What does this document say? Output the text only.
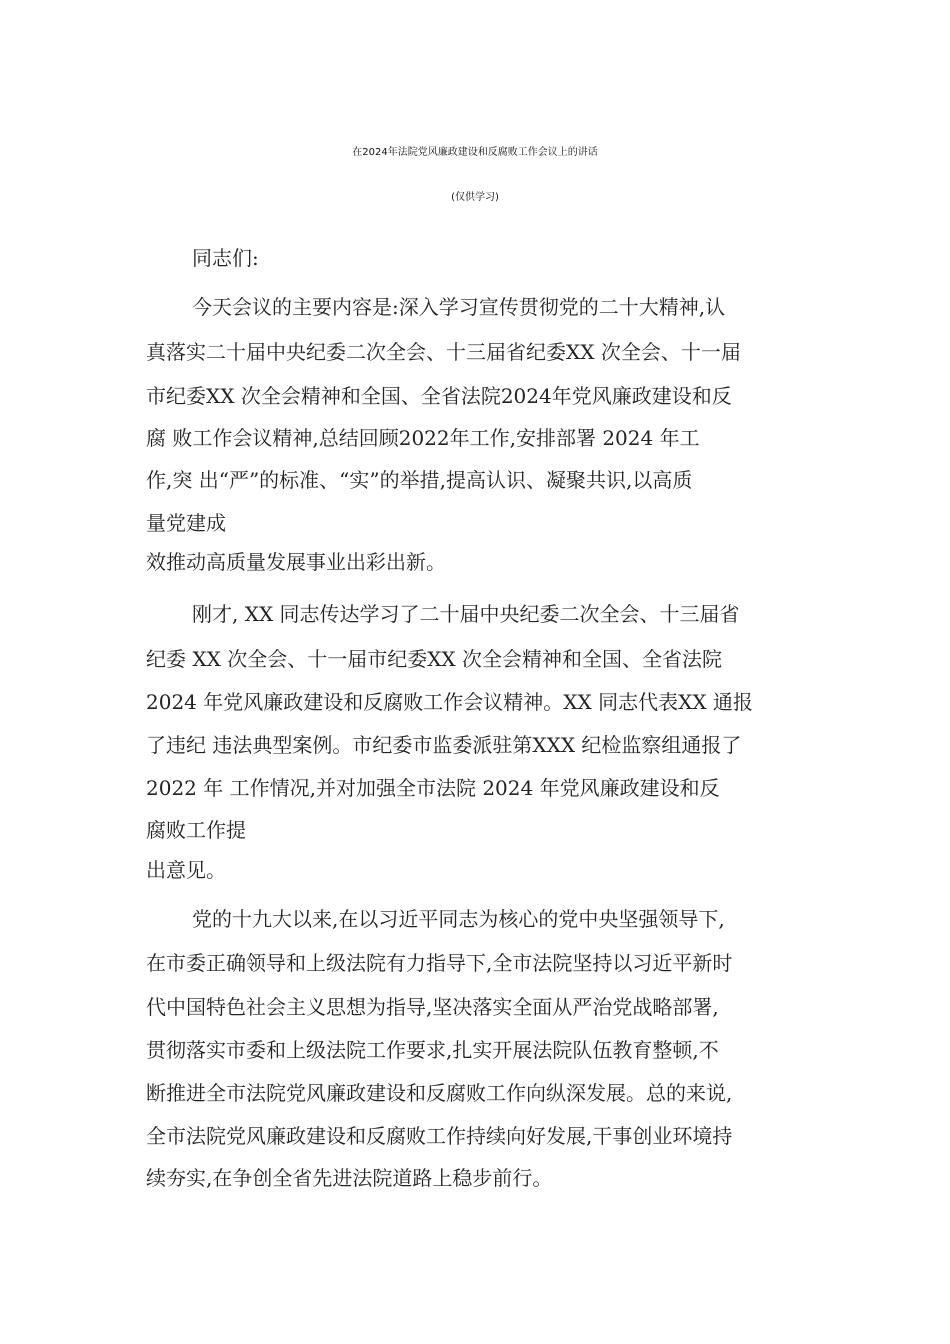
在2024年法院党风廉政建设和反腐败工作会议上的讲话
(仅供学习)
同志们:
今天会议的主要内容是:深入学习宣传贯彻党的二十大精神,认
真落实二十届中央纪委二次全会、十三届省纪委XX 次全会、十一届
市纪委XX 次全会精神和全国、全省法院2024年党风廉政建设和反
腐 败工作会议精神,总结回顾2022年工作,安排部署 2024 年工
作,突 出“严”的标准、“实”的举措,提高认识、凝聚共识,以高质
量党建成
效推动高质量发展事业出彩出新。
刚才, XX 同志传达学习了二十届中央纪委二次全会、十三届省
纪委 XX 次全会、十一届市纪委XX 次全会精神和全国、全省法院
2024 年党风廉政建设和反腐败工作会议精神。XX 同志代表XX 通报
了违纪 违法典型案例。市纪委市监委派驻第XXX 纪检监察组通报了
2022 年 工作情况,并对加强全市法院 2024 年党风廉政建设和反
腐败工作提
出意见。
党的十九大以来,在以习近平同志为核心的党中央坚强领导下,
在市委正确领导和上级法院有力指导下,全市法院坚持以习近平新时
代中国特色社会主义思想为指导,坚决落实全面从严治党战略部署,
贯彻落实市委和上级法院工作要求,扎实开展法院队伍教育整顿,不
断推进全市法院党风廉政建设和反腐败工作向纵深发展。总的来说,
全市法院党风廉政建设和反腐败工作持续向好发展,干事创业环境持
续夯实,在争创全省先进法院道路上稳步前行。
